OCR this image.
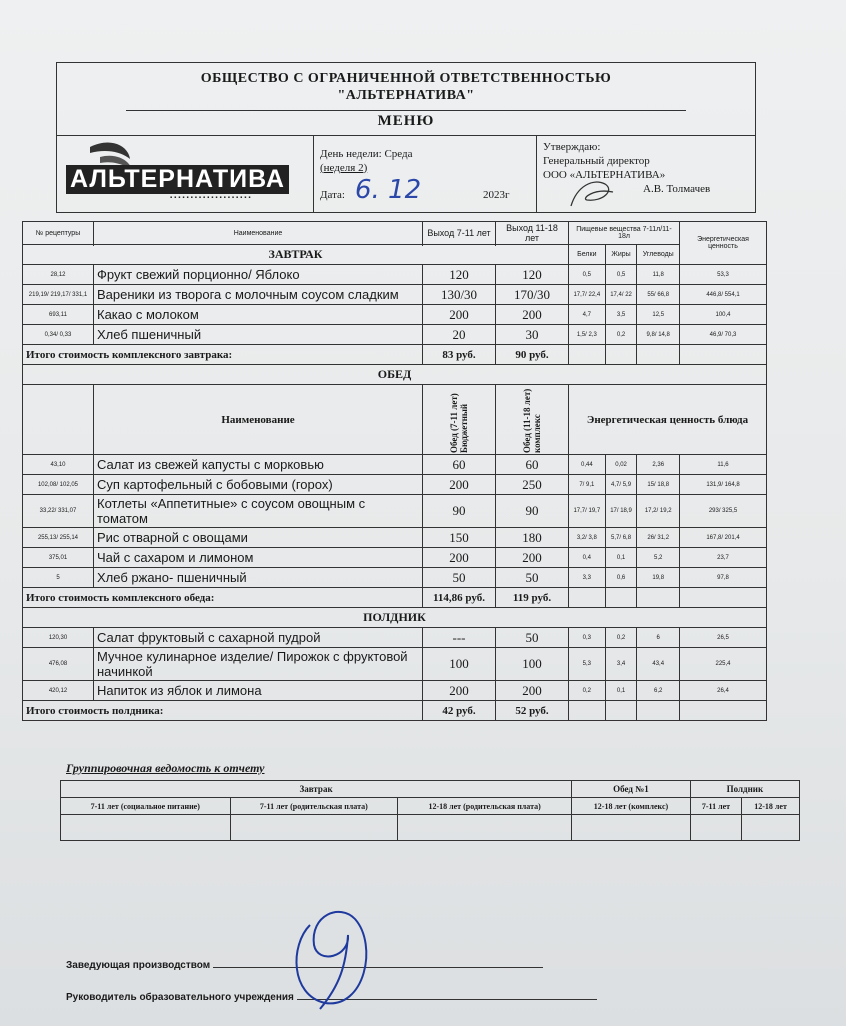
ОБЩЕСТВО С ОГРАНИЧЕННОЙ ОТВЕТСТВЕННОСТЬЮ
"АЛЬТЕРНАТИВА"
МЕНЮ

АЛЬТЕРНАТИВА
▪▪▪▪▪▪▪▪▪▪▪▪▪▪▪▪▪▪▪▪

День недели: Среда
(неделя 2)
Дата: 6. 12	2023г

Утверждаю:
Генеральный директор
ООО «АЛЬТЕРНАТИВА»
А.В. Толмачев
№ рецептуры	Наименование	Выход 7-11 лет	Выход 11-18 лет	Пищевые вещества 7-11л/11-18л			Энергетическая ценность

ЗАВТРАК				Белки	Жиры	Углеводы	
28,12	Фрукт свежий порционно/ Яблоко	120	120	0,5	0,5	11,8	53,3
219,19/ 219,17/ 331,1	Вареники из творога с молочным соусом сладким	130/30	170/30	17,7/ 22,4	17,4/ 22	55/ 66,8	446,8/ 554,1
693,11	Какао с молоком	200	200	4,7	3,5	12,5	100,4
0,34/ 0,33	Хлеб пшеничный	20	30	1,5/ 2,3	0,2	9,8/ 14,8	46,9/ 70,3
Итого стоимость комплексного завтрака:		83 руб.	90 руб.				
ОБЕД							
	Наименование	Обед (7-11 лет) Бюджетный	Обед (11-18 лет) комплекс	Энергетическая ценность блюда			
43,10	Салат из свежей капусты с морковью	60	60	0,44	0,02	2,36	11,6
102,08/ 102,05	Суп картофельный с бобовыми (горох)	200	250	7/ 9,1	4,7/ 5,9	15/ 18,8	131,9/ 164,8
33,22/ 331,07	Котлеты «Аппетитные» с соусом овощным с томатом	90	90	17,7/ 19,7	17/ 18,9	17,2/ 19,2	293/ 325,5
255,13/ 255,14	Рис отварной с овощами	150	180	3,2/ 3,8	5,7/ 6,8	26/ 31,2	167,8/ 201,4
375,01	Чай с сахаром и лимоном	200	200	0,4	0,1	5,2	23,7
5	Хлеб ржано- пшеничный	50	50	3,3	0,6	19,8	97,8
Итого стоимость комплексного обеда:		114,86 руб.	119 руб.				
ПОЛДНИК							
120,30	Салат фруктовый с сахарной пудрой	---	50	0,3	0,2	6	26,5
476,08	Мучное кулинарное изделие/ Пирожок с фруктовой начинкой	100	100	5,3	3,4	43,4	225,4
420,12	Напиток из яблок и лимона	200	200	0,2	0,1	6,2	26,4
Итого стоимость полдника:		42 руб.	52 руб.				
Группировочная ведомость к отчету
Завтрак			Обед №1	Полдник	
7-11 лет (социальное питание)	7-11 лет (родительская плата)	12-18 лет (родительская плата)	12-18 лет (комплекс)	7-11 лет	12-18 лет

Заведующая производством
Руководитель образовательного учреждения
